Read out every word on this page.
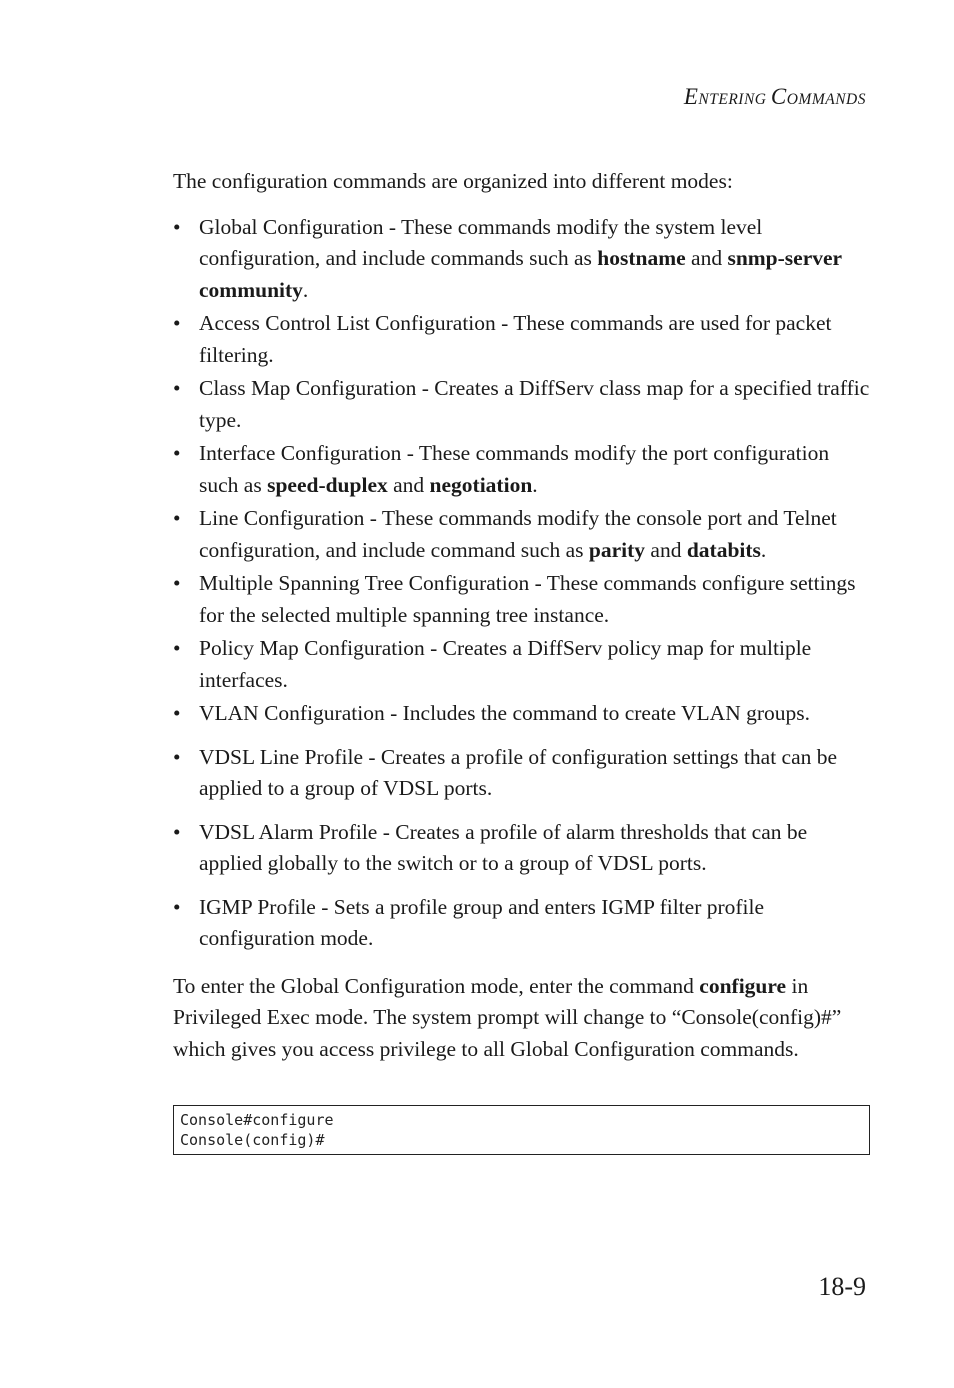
ENTERING COMMANDS

The configuration commands are organized into different modes:

• Global Configuration - These commands modify the system level configuration, and include commands such as hostname and snmp-server community.
• Access Control List Configuration - These commands are used for packet filtering.
• Class Map Configuration - Creates a DiffServ class map for a specified traffic type.
• Interface Configuration - These commands modify the port configuration such as speed-duplex and negotiation.
• Line Configuration - These commands modify the console port and Telnet configuration, and include command such as parity and databits.
• Multiple Spanning Tree Configuration - These commands configure settings for the selected multiple spanning tree instance.
• Policy Map Configuration - Creates a DiffServ policy map for multiple interfaces.
• VLAN Configuration - Includes the command to create VLAN groups.
• VDSL Line Profile - Creates a profile of configuration settings that can be applied to a group of VDSL ports.
• VDSL Alarm Profile - Creates a profile of alarm thresholds that can be applied globally to the switch or to a group of VDSL ports.
• IGMP Profile - Sets a profile group and enters IGMP filter profile configuration mode.

To enter the Global Configuration mode, enter the command configure in Privileged Exec mode. The system prompt will change to “Console(config)#” which gives you access privilege to all Global Configuration commands.

Console#configure
Console(config)#
18-9
